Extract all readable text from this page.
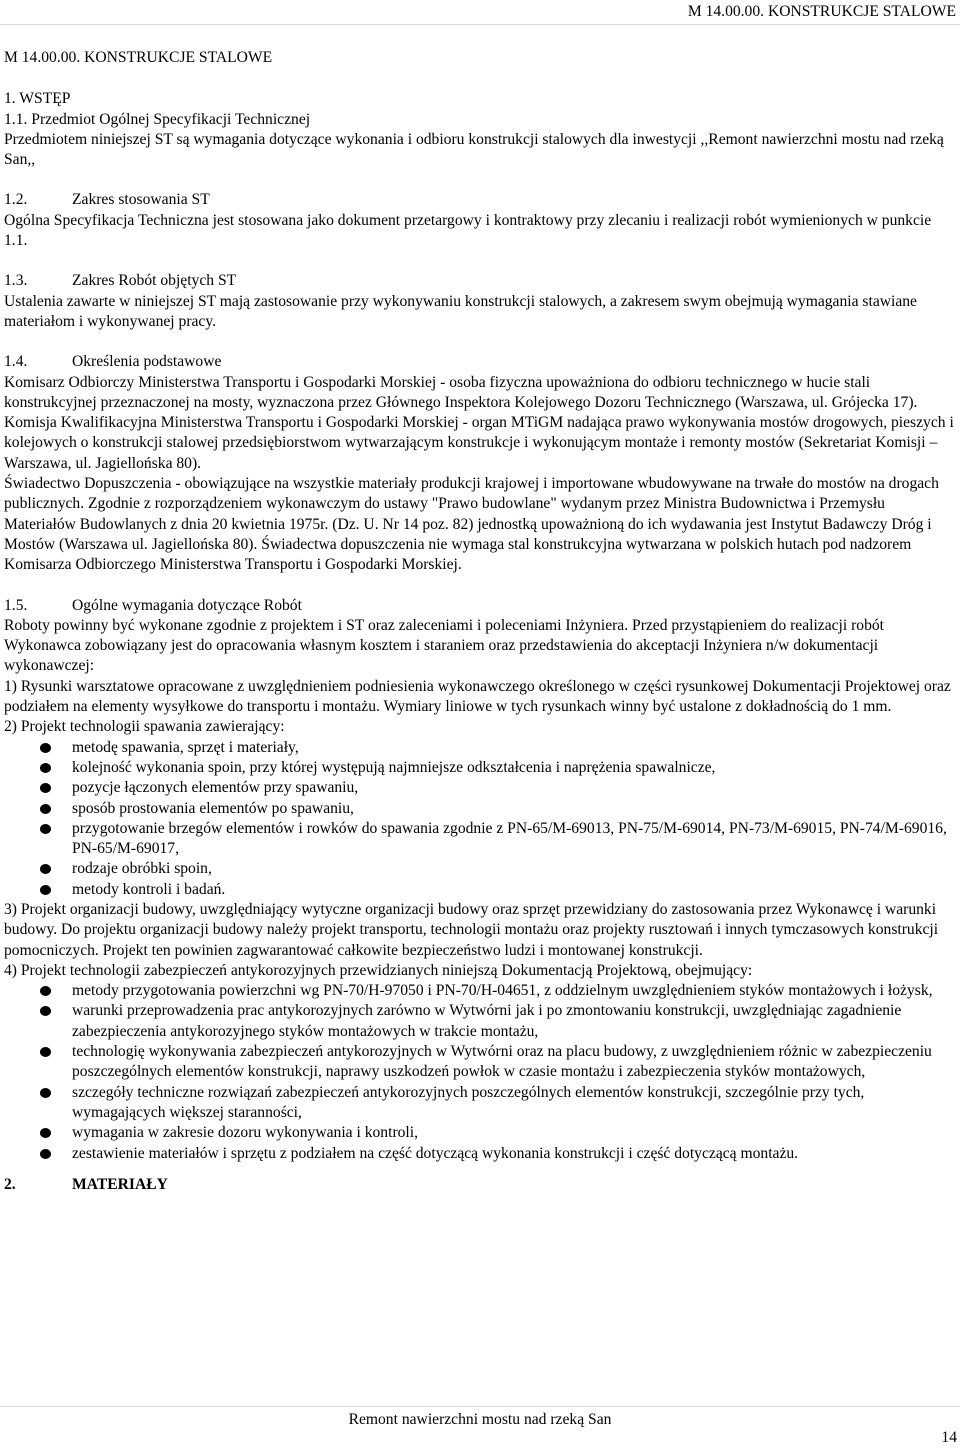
M 14.00.00. KONSTRUKCJE STALOWE

M 14.00.00. KONSTRUKCJE STALOWE

1. WSTĘP

1.1. Przedmiot Ogólnej Specyfikacji Technicznej

Przedmiotem niniejszej ST są wymagania dotyczące wykonania i odbioru konstrukcji stalowych dla inwestycji ,,Remont nawierzchni mostu nad rzeką San,,

1.2.	Zakres stosowania ST

Ogólna Specyfikacja Techniczna jest stosowana jako dokument przetargowy i kontraktowy przy zlecaniu i realizacji robót wymienionych w punkcie 1.1.

1.3.	Zakres Robót objętych ST

Ustalenia zawarte w niniejszej ST mają zastosowanie przy wykonywaniu konstrukcji stalowych, a zakresem swym obejmują wymagania stawiane materiałom i wykonywanej pracy.

1.4.	Określenia podstawowe

Komisarz Odbiorczy Ministerstwa Transportu i Gospodarki Morskiej - osoba fizyczna upoważniona do odbioru technicznego w hucie stali konstrukcyjnej przeznaczonej na mosty, wyznaczona przez Głównego Inspektora Kolejowego Dozoru Technicznego (Warszawa, ul. Grójecka 17).

Komisja Kwalifikacyjna Ministerstwa Transportu i Gospodarki Morskiej - organ MTiGM nadająca prawo wykonywania mostów drogowych, pieszych i kolejowych o konstrukcji stalowej przedsiębiorstwom wytwarzającym konstrukcje i wykonującym montaże i remonty mostów (Sekretariat Komisji – Warszawa, ul. Jagiellońska 80).

Świadectwo Dopuszczenia - obowiązujące na wszystkie materiały produkcji krajowej i importowane wbudowywane na trwałe do mostów na drogach publicznych. Zgodnie z rozporządzeniem wykonawczym do ustawy "Prawo budowlane" wydanym przez Ministra Budownictwa i Przemysłu Materiałów Budowlanych z dnia 20 kwietnia 1975r. (Dz. U. Nr 14 poz. 82) jednostką upoważnioną do ich wydawania jest Instytut Badawczy Dróg i Mostów (Warszawa ul. Jagiellońska 80). Świadectwa dopuszczenia nie wymaga stal konstrukcyjna wytwarzana w polskich hutach pod nadzorem Komisarza Odbiorczego Ministerstwa Transportu i Gospodarki Morskiej.

1.5.	Ogólne wymagania dotyczące Robót

Roboty powinny być wykonane zgodnie z projektem i ST oraz zaleceniami i poleceniami Inżyniera. Przed przystąpieniem do realizacji robót Wykonawca zobowiązany jest do opracowania własnym kosztem i staraniem oraz przedstawienia do akceptacji Inżyniera n/w dokumentacji wykonawczej:

1) Rysunki warsztatowe opracowane z uwzględnieniem podniesienia wykonawczego określonego w części rysunkowej Dokumentacji Projektowej oraz podziałem na elementy wysyłkowe do transportu i montażu. Wymiary liniowe w tych rysunkach winny być ustalone z dokładnością do 1 mm.

2) Projekt technologii spawania zawierający:

metodę spawania, sprzęt i materiały,
kolejność wykonania spoin, przy której występują najmniejsze odkształcenia i naprężenia spawalnicze,
pozycje łączonych elementów przy spawaniu,
sposób prostowania elementów po spawaniu,
przygotowanie brzegów elementów i rowków do spawania zgodnie z PN-65/M-69013, PN-75/M-69014, PN-73/M-69015, PN-74/M-69016, PN-65/M-69017,
rodzaje obróbki spoin,
metody kontroli i badań.

3) Projekt organizacji budowy, uwzględniający wytyczne organizacji budowy oraz sprzęt przewidziany do zastosowania przez Wykonawcę i warunki budowy. Do projektu organizacji budowy należy projekt transportu, technologii montażu oraz projekty rusztowań i innych tymczasowych konstrukcji pomocniczych. Projekt ten powinien zagwarantować całkowite bezpieczeństwo ludzi i montowanej konstrukcji.

4) Projekt technologii zabezpieczeń antykorozyjnych przewidzianych niniejszą Dokumentacją Projektową, obejmujący:

metody przygotowania powierzchni wg PN-70/H-97050 i PN-70/H-04651, z oddzielnym uwzględnieniem styków montażowych i łożysk,
warunki przeprowadzenia prac antykorozyjnych zarówno w Wytwórni jak i po zmontowaniu konstrukcji, uwzględniając zagadnienie zabezpieczenia antykorozyjnego styków montażowych w trakcie montażu,
technologię wykonywania zabezpieczeń antykorozyjnych w Wytwórni oraz na placu budowy, z uwzględnieniem różnic w zabezpieczeniu poszczególnych elementów konstrukcji, naprawy uszkodzeń powłok w czasie montażu i zabezpieczenia styków montażowych,
szczegóły techniczne rozwiązań zabezpieczeń antykorozyjnych poszczególnych elementów konstrukcji, szczególnie przy tych, wymagających większej staranności,
wymagania w zakresie dozoru wykonywania i kontroli,
zestawienie materiałów i sprzętu z podziałem na część dotyczącą wykonania konstrukcji i część dotyczącą montażu.

2.	MATERIAŁY

Remont nawierzchni mostu nad rzeką San
14
